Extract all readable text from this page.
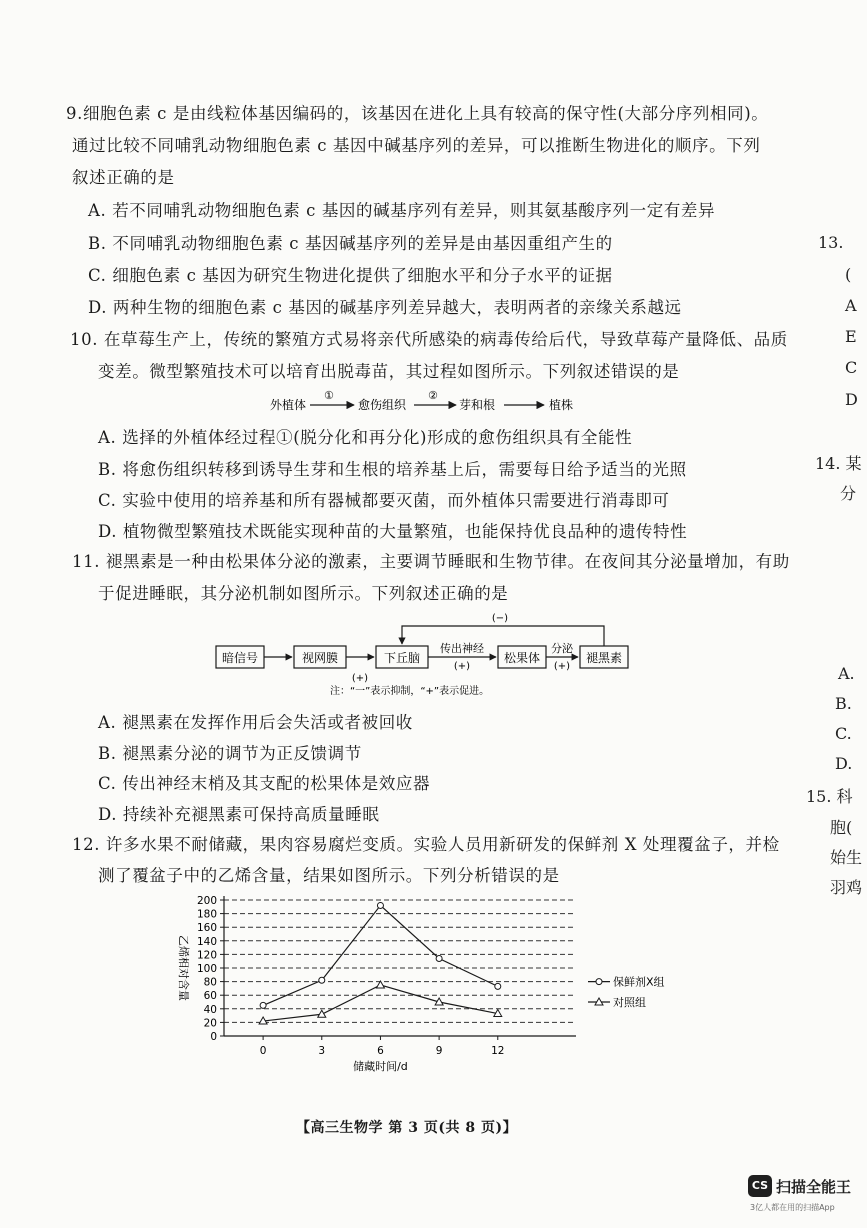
9.细胞色素 c 是由线粒体基因编码的，该基因在进化上具有较高的保守性(大部分序列相同)。
通过比较不同哺乳动物细胞色素 c 基因中碱基序列的差异，可以推断生物进化的顺序。下列
叙述正确的是
A. 若不同哺乳动物细胞色素 c 基因的碱基序列有差异，则其氨基酸序列一定有差异
B. 不同哺乳动物细胞色素 c 基因碱基序列的差异是由基因重组产生的
C. 细胞色素 c 基因为研究生物进化提供了细胞水平和分子水平的证据
D. 两种生物的细胞色素 c 基因的碱基序列差异越大，表明两者的亲缘关系越远
10. 在草莓生产上，传统的繁殖方式易将亲代所感染的病毒传给后代，导致草莓产量降低、品质
变差。微型繁殖技术可以培育出脱毒苗，其过程如图所示。下列叙述错误的是
外植体
①
愈伤组织
②
芽和根	植株
A. 选择的外植体经过程①(脱分化和再分化)形成的愈伤组织具有全能性
B. 将愈伤组织转移到诱导生芽和生根的培养基上后，需要每日给予适当的光照
C. 实验中使用的培养基和所有器械都要灭菌，而外植体只需要进行消毒即可
D. 植物微型繁殖技术既能实现种苗的大量繁殖，也能保持优良品种的遗传特性
11. 褪黑素是一种由松果体分泌的激素，主要调节睡眠和生物节律。在夜间其分泌量增加，有助
于促进睡眠，其分泌机制如图所示。下列叙述正确的是
暗信号	视网膜	下丘脑	松果体	褪黑素
(+)
传出神经
(+)
分泌
(+)
(−)
注：“一”表示抑制，“+”表示促进。
A. 褪黑素在发挥作用后会失活或者被回收
B. 褪黑素分泌的调节为正反馈调节
C. 传出神经末梢及其支配的松果体是效应器
D. 持续补充褪黑素可保持高质量睡眠
12. 许多水果不耐储藏，果肉容易腐烂变质。实验人员用新研发的保鲜剂 X 处理覆盆子，并检
测了覆盆子中的乙烯含量，结果如图所示。下列分析错误的是
0
20
40
60
80
100
120
140
160
180
200
0	3	6	9	12
乙烯相对含量
储藏时间/d
保鲜剂X组
对照组
【高三生物学 第 3 页(共 8 页)】
13.
(
A
E
C
D
14. 某
分
A.
B.
C.
D.
15. 科
胞(
始生
羽鸡
CS 扫描全能王
3亿人都在用的扫描App
